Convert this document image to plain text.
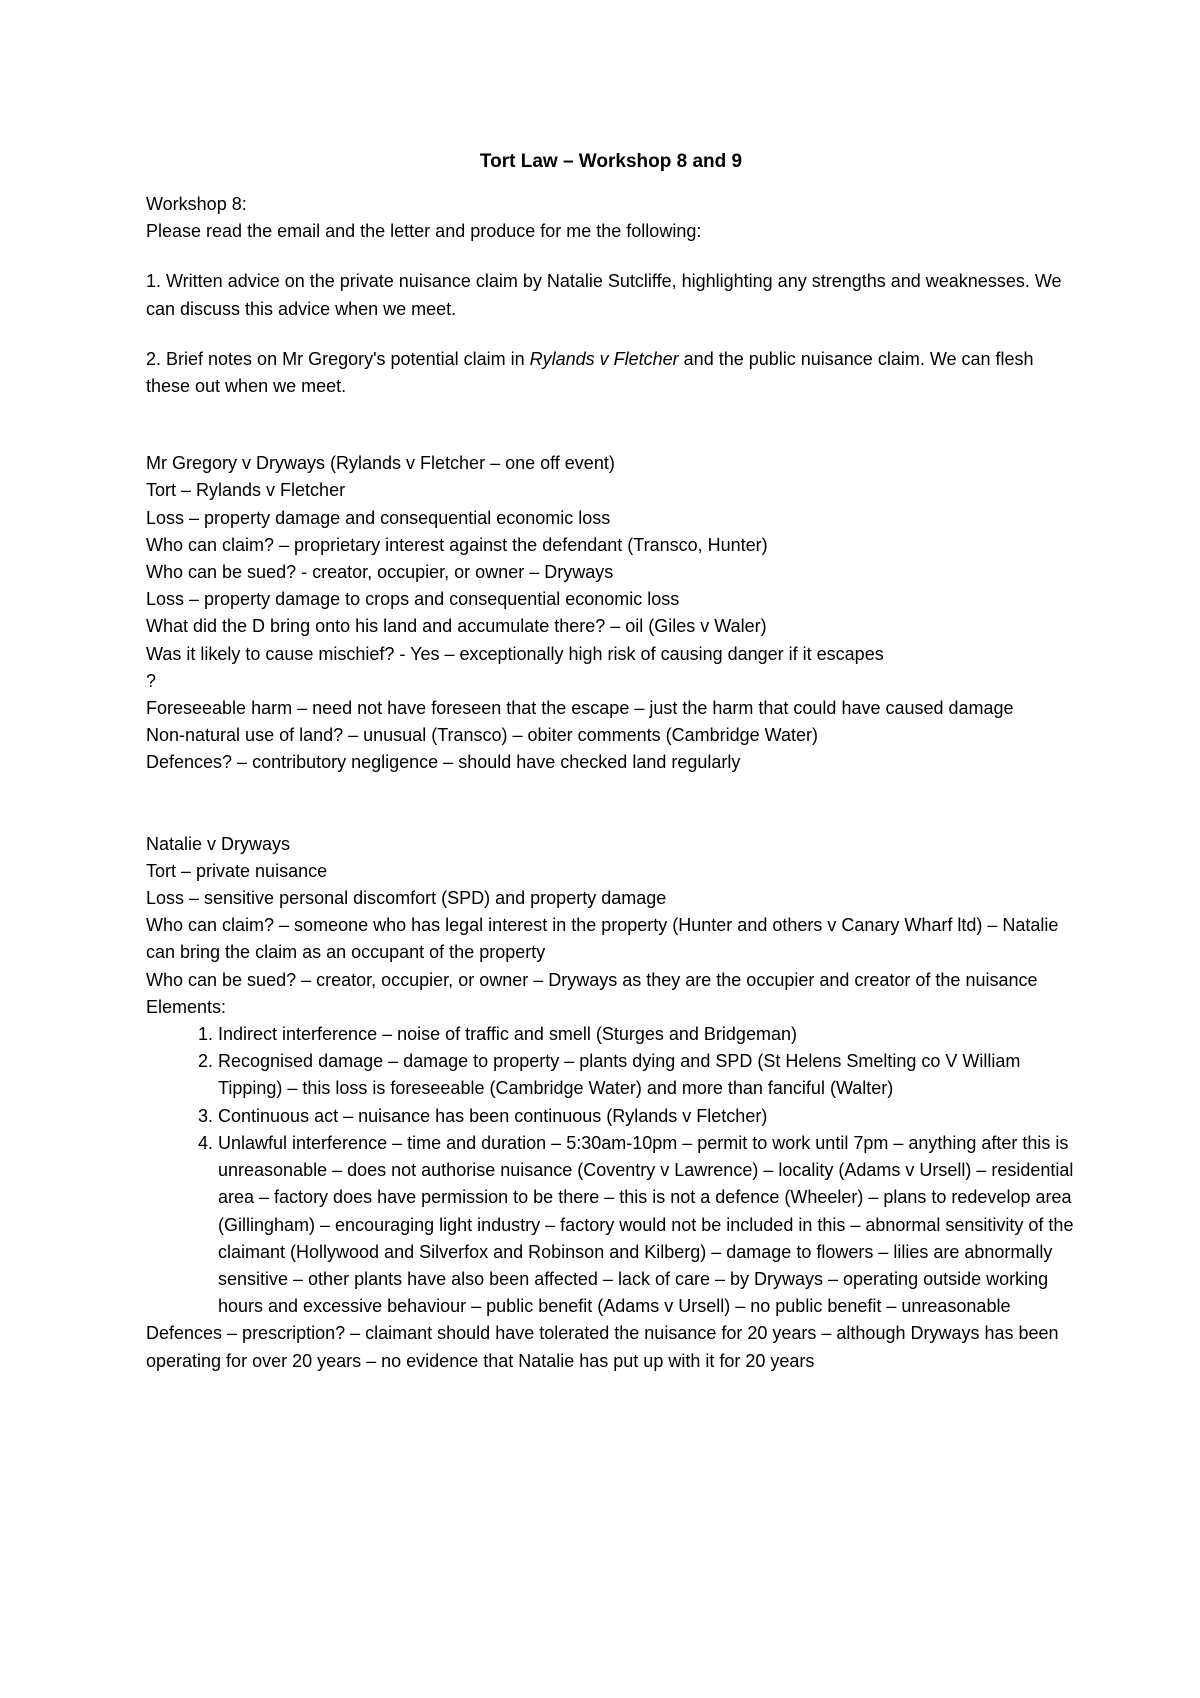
Tort Law – Workshop 8 and 9

Workshop 8:

Please read the email and the letter and produce for me the following:

1. Written advice on the private nuisance claim by Natalie Sutcliffe, highlighting any strengths and weaknesses. We can discuss this advice when we meet.

2. Brief notes on Mr Gregory's potential claim in Rylands v Fletcher and the public nuisance claim. We can flesh these out when we meet.

Mr Gregory v Dryways (Rylands v Fletcher – one off event)

Tort – Rylands v Fletcher

Loss – property damage and consequential economic loss

Who can claim? – proprietary interest against the defendant (Transco, Hunter)

Who can be sued? - creator, occupier, or owner – Dryways

Loss – property damage to crops and consequential economic loss

What did the D bring onto his land and accumulate there? – oil (Giles v Waler)

Was it likely to cause mischief? - Yes – exceptionally high risk of causing danger if it escapes

?

Foreseeable harm – need not have foreseen that the escape – just the harm that could have caused damage

Non-natural use of land? – unusual (Transco) – obiter comments (Cambridge Water)

Defences? – contributory negligence – should have checked land regularly

Natalie v Dryways

Tort – private nuisance

Loss – sensitive personal discomfort (SPD) and property damage

Who can claim? – someone who has legal interest in the property (Hunter and others v Canary Wharf ltd) – Natalie can bring the claim as an occupant of the property

Who can be sued? – creator, occupier, or owner – Dryways as they are the occupier and creator of the nuisance

Elements:

1. Indirect interference – noise of traffic and smell (Sturges and Bridgeman)
2. Recognised damage – damage to property – plants dying and SPD (St Helens Smelting co V William Tipping) – this loss is foreseeable (Cambridge Water) and more than fanciful (Walter)
3. Continuous act – nuisance has been continuous (Rylands v Fletcher)
4. Unlawful interference – time and duration – 5:30am-10pm – permit to work until 7pm – anything after this is unreasonable – does not authorise nuisance (Coventry v Lawrence) – locality (Adams v Ursell) – residential area – factory does have permission to be there – this is not a defence (Wheeler) – plans to redevelop area (Gillingham) – encouraging light industry – factory would not be included in this – abnormal sensitivity of the claimant (Hollywood and Silverfox and Robinson and Kilberg) – damage to flowers – lilies are abnormally sensitive – other plants have also been affected – lack of care – by Dryways – operating outside working hours and excessive behaviour – public benefit (Adams v Ursell) – no public benefit – unreasonable

Defences – prescription? – claimant should have tolerated the nuisance for 20 years – although Dryways has been operating for over 20 years – no evidence that Natalie has put up with it for 20 years
